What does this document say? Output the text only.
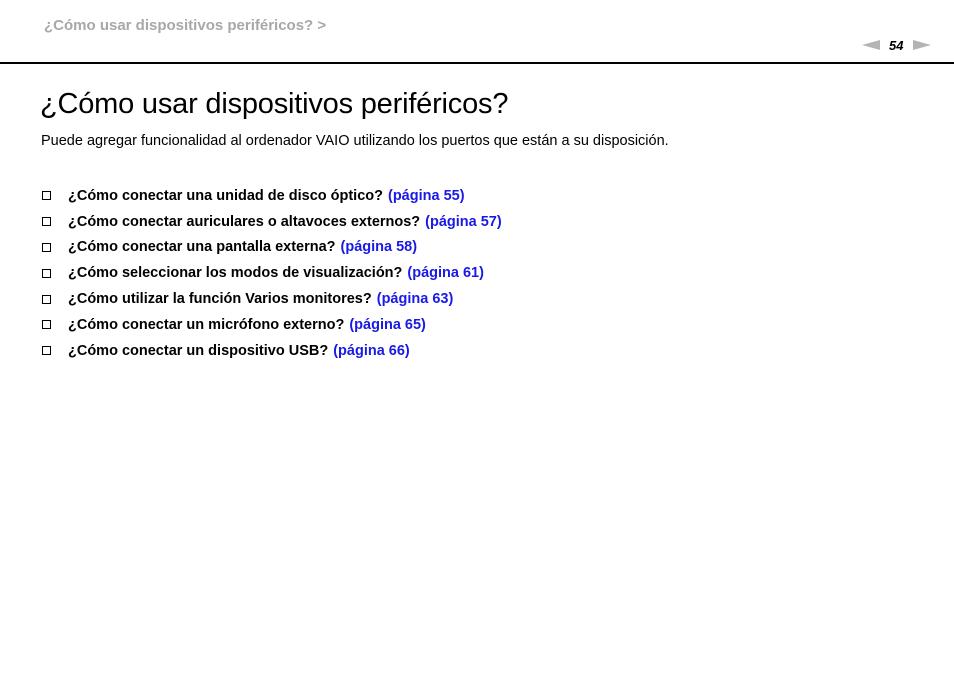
¿Cómo usar dispositivos periféricos? >
54
¿Cómo usar dispositivos periféricos?
Puede agregar funcionalidad al ordenador VAIO utilizando los puertos que están a su disposición.
¿Cómo conectar una unidad de disco óptico? (página 55)
¿Cómo conectar auriculares o altavoces externos? (página 57)
¿Cómo conectar una pantalla externa? (página 58)
¿Cómo seleccionar los modos de visualización? (página 61)
¿Cómo utilizar la función Varios monitores? (página 63)
¿Cómo conectar un micrófono externo? (página 65)
¿Cómo conectar un dispositivo USB? (página 66)
